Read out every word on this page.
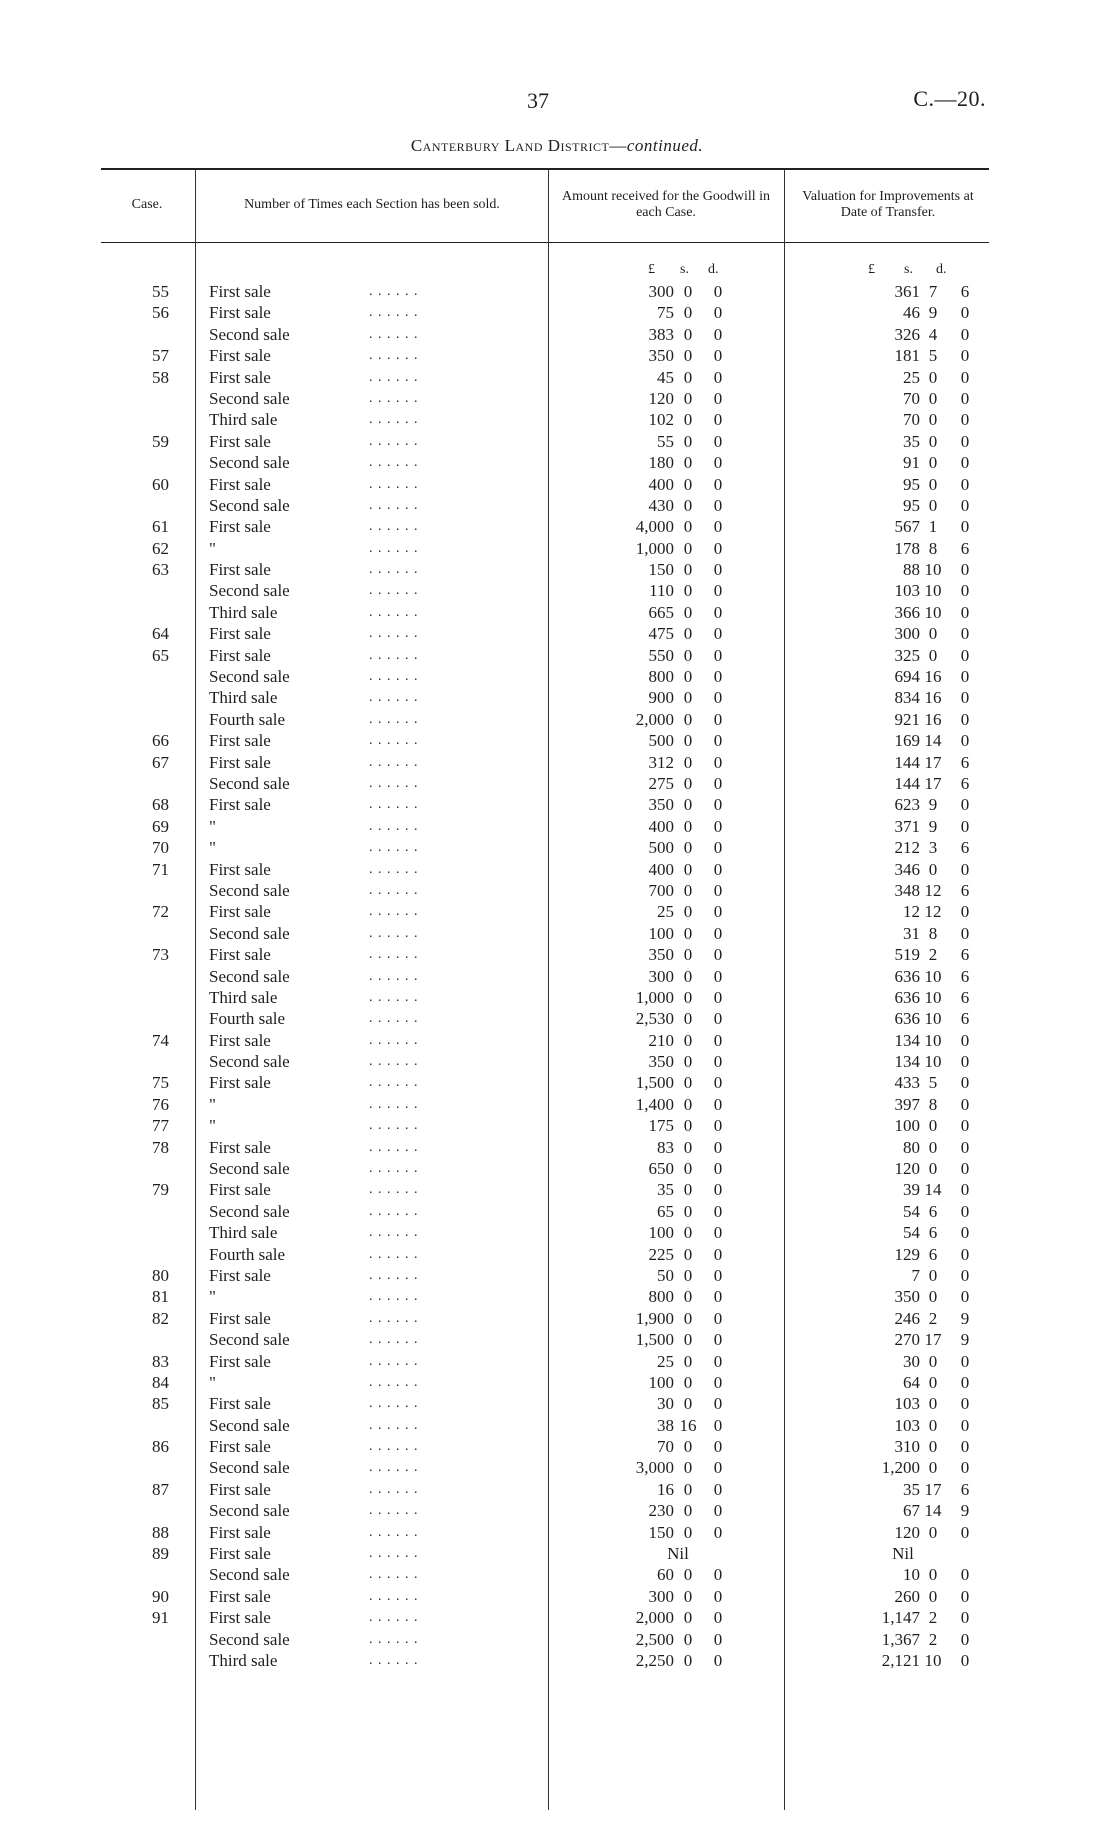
37	C.—20.
Canterbury Land District—continued.
Case.	Number of Times each Section has been sold.
Amount received for the Goodwill in each Case.
Valuation for Improvements at Date of Transfer.
£ s. d.	£ s. d.
55 First sale	. . . . . .	300 0 0	361 7	6
56 First sale	. . . . . .	75 0 0	46 9	0
Second sale	. . . . . .	383 0 0	326 4	0
57 First sale	. . . . . .	350 0 0	181 5	0
58 First sale	. . . . . .	45 0 0	25 0	0
Second sale	. . . . . .	120 0 0	70 0	0
Third sale	. . . . . .	102 0 0	70 0	0
59 First sale	. . . . . .	55 0 0	35 0	0
Second sale	. . . . . .	180 0 0	91 0	0
60 First sale	. . . . . .	400 0 0	95 0	0
Second sale	. . . . . .	430 0 0	95 0	0
61 First sale	. . . . . .	4,000 0 0	567 1	0
62 "	. . . . . .	1,000 0 0	178 8	6
63 First sale	. . . . . .	150 0 0	88 10 0
Second sale	. . . . . .	110 0 0	103 10 0
Third sale	. . . . . .	665 0 0	366 10 0
64 First sale	. . . . . .	475 0 0	300 0	0
65 First sale	. . . . . .	550 0 0	325 0	0
Second sale	. . . . . .	800 0 0	694 16 0
Third sale	. . . . . .	900 0 0	834 16 0
Fourth sale	. . . . . .	2,000 0 0	921 16 0
66 First sale	. . . . . .	500 0 0	169 14 0
67 First sale	. . . . . .	312 0 0	144 17 6
Second sale	. . . . . .	275 0 0	144 17 6
68 First sale	. . . . . .	350 0 0	623 9	0
69 "	. . . . . .	400 0 0	371 9	0
70 "	. . . . . .	500 0 0	212 3	6
71 First sale	. . . . . .	400 0 0	346 0	0
Second sale	. . . . . .	700 0 0	348 12 6
72 First sale	. . . . . .	25 0 0	12 12 0
Second sale	. . . . . .	100 0 0	31 8	0
73 First sale	. . . . . .	350 0 0	519 2	6
Second sale	. . . . . .	300 0 0	636 10 6
Third sale	. . . . . .	1,000 0 0	636 10 6
Fourth sale	. . . . . .	2,530 0 0	636 10 6
74 First sale	. . . . . .	210 0 0	134 10 0
Second sale	. . . . . .	350 0 0	134 10 0
75 First sale	. . . . . .	1,500 0 0	433 5	0
76 "	. . . . . .	1,400 0 0	397 8	0
77 "	. . . . . .	175 0 0	100 0	0
78 First sale	. . . . . .	83 0 0	80 0	0
Second sale	. . . . . .	650 0 0	120 0	0
79 First sale	. . . . . .	35 0 0	39 14 0
Second sale	. . . . . .	65 0 0	54 6	0
Third sale	. . . . . .	100 0 0	54 6	0
Fourth sale	. . . . . .	225 0 0	129 6	0
80 First sale	. . . . . .	50 0 0	7 0	0
81 "	. . . . . .	800 0 0	350 0	0
82 First sale	. . . . . .	1,900 0 0	246 2	9
Second sale	. . . . . .	1,500 0 0	270 17 9
83 First sale	. . . . . .	25 0 0	30 0	0
84 "	. . . . . .	100 0 0	64 0	0
85 First sale	. . . . . .	30 0 0	103 0	0
Second sale	. . . . . .	38 16 0	103 0	0
86 First sale	. . . . . .	70 0 0	310 0	0
Second sale	. . . . . .	3,000 0 0	1,200 0	0
87 First sale	. . . . . .	16 0 0	35 17 6
Second sale	. . . . . .	230 0 0	67 14 9
88 First sale	. . . . . .	150 0 0	120 0	0
89 First sale	. . . . . .	Nil	Nil
Second sale	. . . . . .	60 0 0	10 0	0
90 First sale	. . . . . .	300 0 0	260 0	0
91 First sale	. . . . . .	2,000 0 0	1,147 2	0
Second sale	. . . . . .	2,500 0 0	1,367 2	0
Third sale	. . . . . .	2,250 0 0	2,121 10 0
